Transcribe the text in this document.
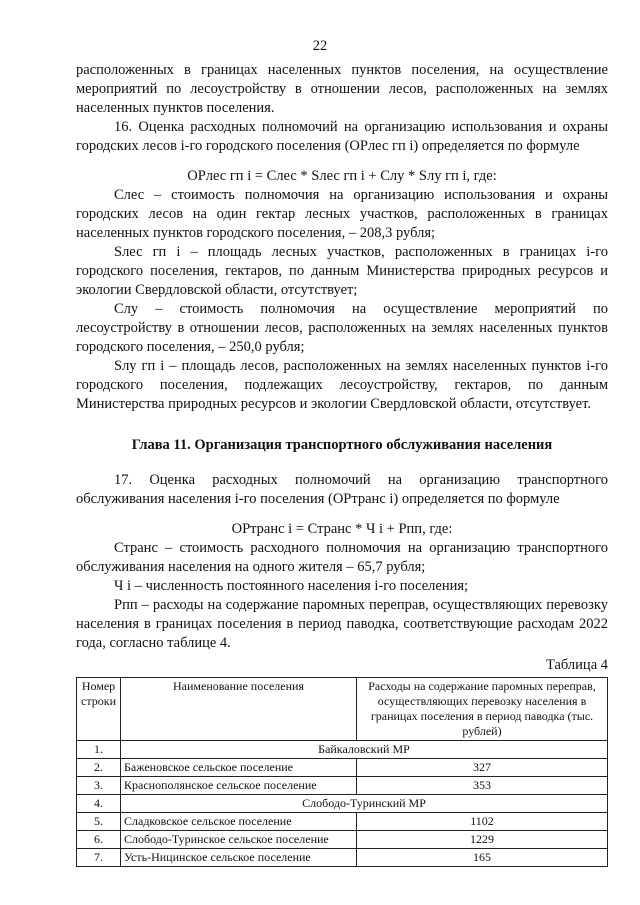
22

расположенных в границах населенных пунктов поселения, на осуществление мероприятий по лесоустройству в отношении лесов, расположенных на землях населенных пунктов поселения.

16. Оценка расходных полномочий на организацию использования и охраны городских лесов i-го городского поселения (ОРлес гп i) определяется по формуле

ОРлес гп i = Слес * Sлес гп i + Слу * Sлу гп i, где:

Слес – стоимость полномочия на организацию использования и охраны городских лесов на один гектар лесных участков, расположенных в границах населенных пунктов городского поселения, – 208,3 рубля;

Sлес гп i – площадь лесных участков, расположенных в границах i-го городского поселения, гектаров, по данным Министерства природных ресурсов и экологии Свердловской области, отсутствует;

Слу – стоимость полномочия на осуществление мероприятий по лесоустройству в отношении лесов, расположенных на землях населенных пунктов городского поселения, – 250,0 рубля;

Sлу гп i – площадь лесов, расположенных на землях населенных пунктов i-го городского поселения, подлежащих лесоустройству, гектаров, по данным Министерства природных ресурсов и экологии Свердловской области, отсутствует.

Глава 11. Организация транспортного обслуживания населения

17. Оценка расходных полномочий на организацию транспортного обслуживания населения i-го поселения (ОРтранс i) определяется по формуле

ОРтранс i = Странс * Ч i + Рпп, где:

Странс – стоимость расходного полномочия на организацию транспортного обслуживания населения на одного жителя – 65,7 рубля;

Ч i – численность постоянного населения i-го поселения;

Рпп – расходы на содержание паромных переправ, осуществляющих перевозку населения в границах поселения в период паводка, соответствующие расходам 2022 года, согласно таблице 4.

Таблица 4

Номер строки	Наименование поселения	Расходы на содержание паромных переправ, осуществляющих перевозку населения в границах поселения в период паводка (тыс. рублей)
1.	Байкаловский МР	
2.	Баженовское сельское поселение	327
3.	Краснополянское сельское поселение	353
4.	Слободо-Туринский МР	
5.	Сладковское сельское поселение	1102
6.	Слободо-Туринское сельское поселение	1229
7.	Усть-Ницинское сельское поселение	165
